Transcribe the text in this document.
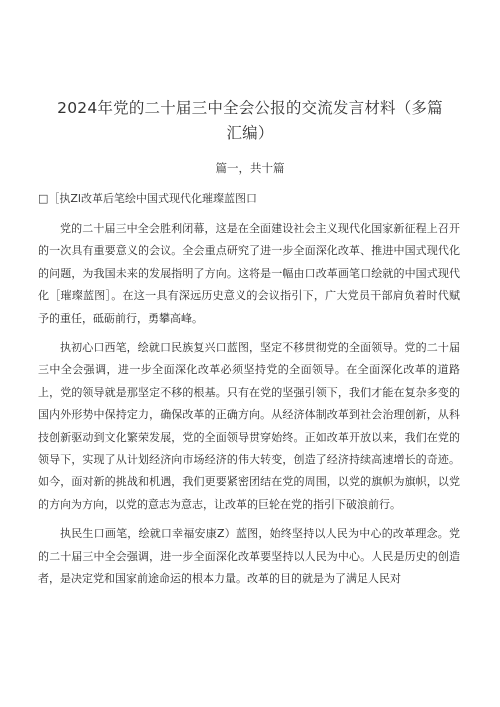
2024年党的二十届三中全会公报的交流发言材料（多篇汇编）
篇一，共十篇
□［执Zl改革后笔绘中国式现代化璀璨蓝图口

党的二十届三中全会胜利闭幕，这是在全面建设社会主义现代化国家新征程上召开的一次具有重要意义的会议。全会重点研究了进一步全面深化改革、推进中国式现代化的问题，为我国未来的发展指明了方向。这将是一幅由口改革画笔口绘就的中国式现代化［璀璨蓝图］。在这一具有深远历史意义的会议指引下，广大党员干部肩负着时代赋予的重任，砥砺前行，勇攀高峰。

执初心口西笔，绘就口民族复兴口蓝图，坚定不移贯彻党的全面领导。党的二十届三中全会强调，进一步全面深化改革必须坚持党的全面领导。在全面深化改革的道路上，党的领导就是那坚定不移的根基。只有在党的坚强引领下，我们才能在复杂多变的国内外形势中保持定力，确保改革的正确方向。从经济体制改革到社会治理创新，从科技创新驱动到文化繁荣发展，党的全面领导贯穿始终。正如改革开放以来，我们在党的领导下，实现了从计划经济向市场经济的伟大转变，创造了经济持续高速增长的奇迹。如今，面对新的挑战和机遇，我们更要紧密团结在党的周围，以党的旗帜为旗帜，以党的方向为方向，以党的意志为意志，让改革的巨轮在党的指引下破浪前行。

执民生口画笔，绘就口幸福安康Z）蓝图，始终坚持以人民为中心的改革理念。党的二十届三中全会强调，进一步全面深化改革要坚持以人民为中心。人民是历史的创造者，是决定党和国家前途命运的根本力量。改革的目的就是为了满足人民对
